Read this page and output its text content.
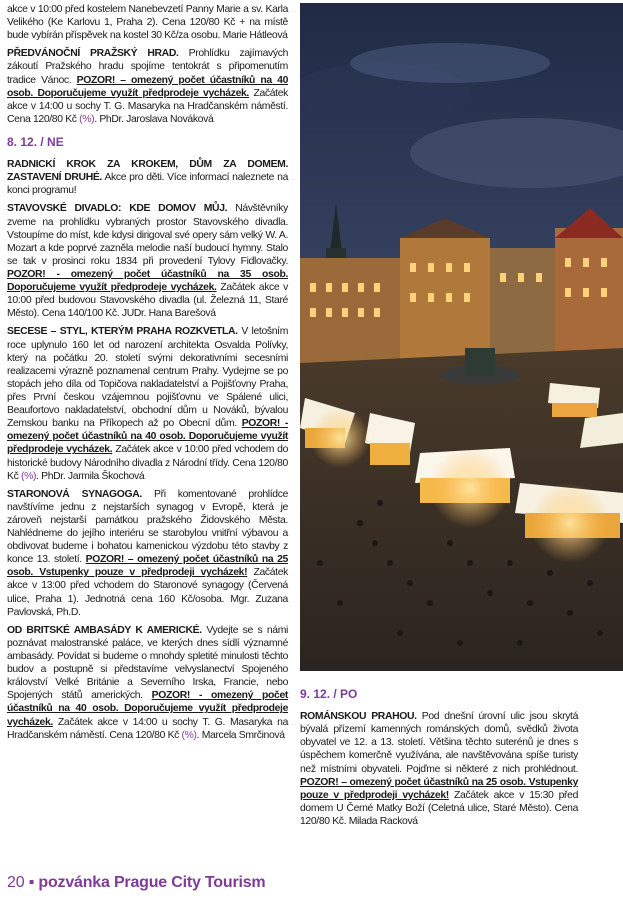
akce v 10:00 před kostelem Nanebevzetí Panny Marie a sv. Karla Velikého (Ke Karlovu 1, Praha 2). Cena 120/80 Kč + na místě bude vybírán příspěvek na kostel 30 Kč/za osobu. Marie Hátleová

PŘEDVÁNOČNÍ PRAŽSKÝ HRAD. Prohlídku zajímavých zákoutí Pražského hradu spojíme tentokrát s připomenutím tradice Vánoc. POZOR! – omezený počet účastníků na 40 osob. Doporučujeme využít předprodeje vycházek. Začátek akce v 14:00 u sochy T. G. Masaryka na Hradčanském náměstí. Cena 120/80 Kč (%). PhDr. Jaroslava Nováková

8. 12. / NE

RADNICKÍ KROK ZA KROKEM, DŮM ZA DOMEM. ZASTAVENÍ DRUHÉ. Akce pro děti. Více informací naleznete na konci programu!

STAVOVSKÉ DIVADLO: KDE DOMOV MŮJ. Návštěvníky zveme na prohlídku vybraných prostor Stavovského divadla. Vstoupíme do míst, kde kdysi dirigoval své opery sám velký W. A. Mozart a kde poprvé zazněla melodie naší budoucí hymny. Stalo se tak v prosinci roku 1834 při provedení Tylovy Fidlovačky. POZOR! - omezený počet účastníků na 35 osob. Doporučujeme využít předprodeje vycházek. Začátek akce v 10:00 před budovou Stavovského divadla (ul. Železná 11, Staré Město). Cena 140/100 Kč. JUDr. Hana Barešová

SECESE – STYL, KTERÝM PRAHA ROZKVETLA. V letošním roce uplynulo 160 let od narození architekta Osvalda Polívky, který na počátku 20. století svými dekorativními secesními realizacemi výrazně poznamenal centrum Prahy. Vydejme se po stopách jeho díla od Topičova nakladatelství a Pojišťovny Praha, přes První českou vzájemnou pojišťovnu ve Spálené ulici, Beaufortovo nakladatelství, obchodní dům u Nováků, bývalou Zemskou banku na Příkopech až po Obecní dům. POZOR! - omezený počet účastníků na 40 osob. Doporučujeme využít předprodeje vycházek. Začátek akce v 10:00 před vchodem do historické budovy Národního divadla z Národní třídy. Cena 120/80 Kč (%). PhDr. Jarmila Škochová

STARONOVÁ SYNAGOGA. Při komentované prohlídce navštívíme jednu z nejstarších synagog v Evropě, která je zároveň nejstarší památkou pražského Židovského Města. Nahlédneme do jejího interiéru se starobylou vnitřní výbavou a obdivovat budeme i bohatou kamenickou výzdobu této stavby z konce 13. století. POZOR! – omezený počet účastníků na 25 osob. Vstupenky pouze v předprodeji vycházek! Začátek akce v 13:00 před vchodem do Staronové synagogy (Červená ulice, Praha 1). Jednotná cena 160 Kč/osoba. Mgr. Zuzana Pavlovská, Ph.D.

OD BRITSKÉ AMBASÁDY K AMERICKÉ. Vydejte se s námi poznávat malostranské paláce, ve kterých dnes sídlí významné ambasády. Povídat si budeme o mnohdy spletité minulosti těchto budov a postupně si představíme velvyslanectví Spojeného království Velké Británie a Severního Irska, Francie, nebo Spojených států amerických. POZOR! - omezený počet účastníků na 40 osob. Doporučujeme využít předprodeje vycházek. Začátek akce v 14:00 u sochy T. G. Masaryka na Hradčanském náměstí. Cena 120/80 Kč (%). Marcela Smrčinová

9. 12. / PO

ROMÁNSKOU PRAHOU. Pod dnešní úrovní ulic jsou skrytá bývalá přízemí kamenných románských domů, svědků života obyvatel ve 12. a 13. století. Většina těchto suterénů je dnes s úspěchem komerčně využívána, ale navštěvována spíše turisty než místními obyvateli. Pojďme si některé z nich prohlédnout. POZOR! – omezený počet účastníků na 25 osob. Vstupenky pouze v předprodeji vycházek! Začátek akce v 15:30 před domem U Černé Matky Boží (Celetná ulice, Staré Město). Cena 120/80 Kč. Milada Racková

20 ▪ pozvánka Prague City Tourism
